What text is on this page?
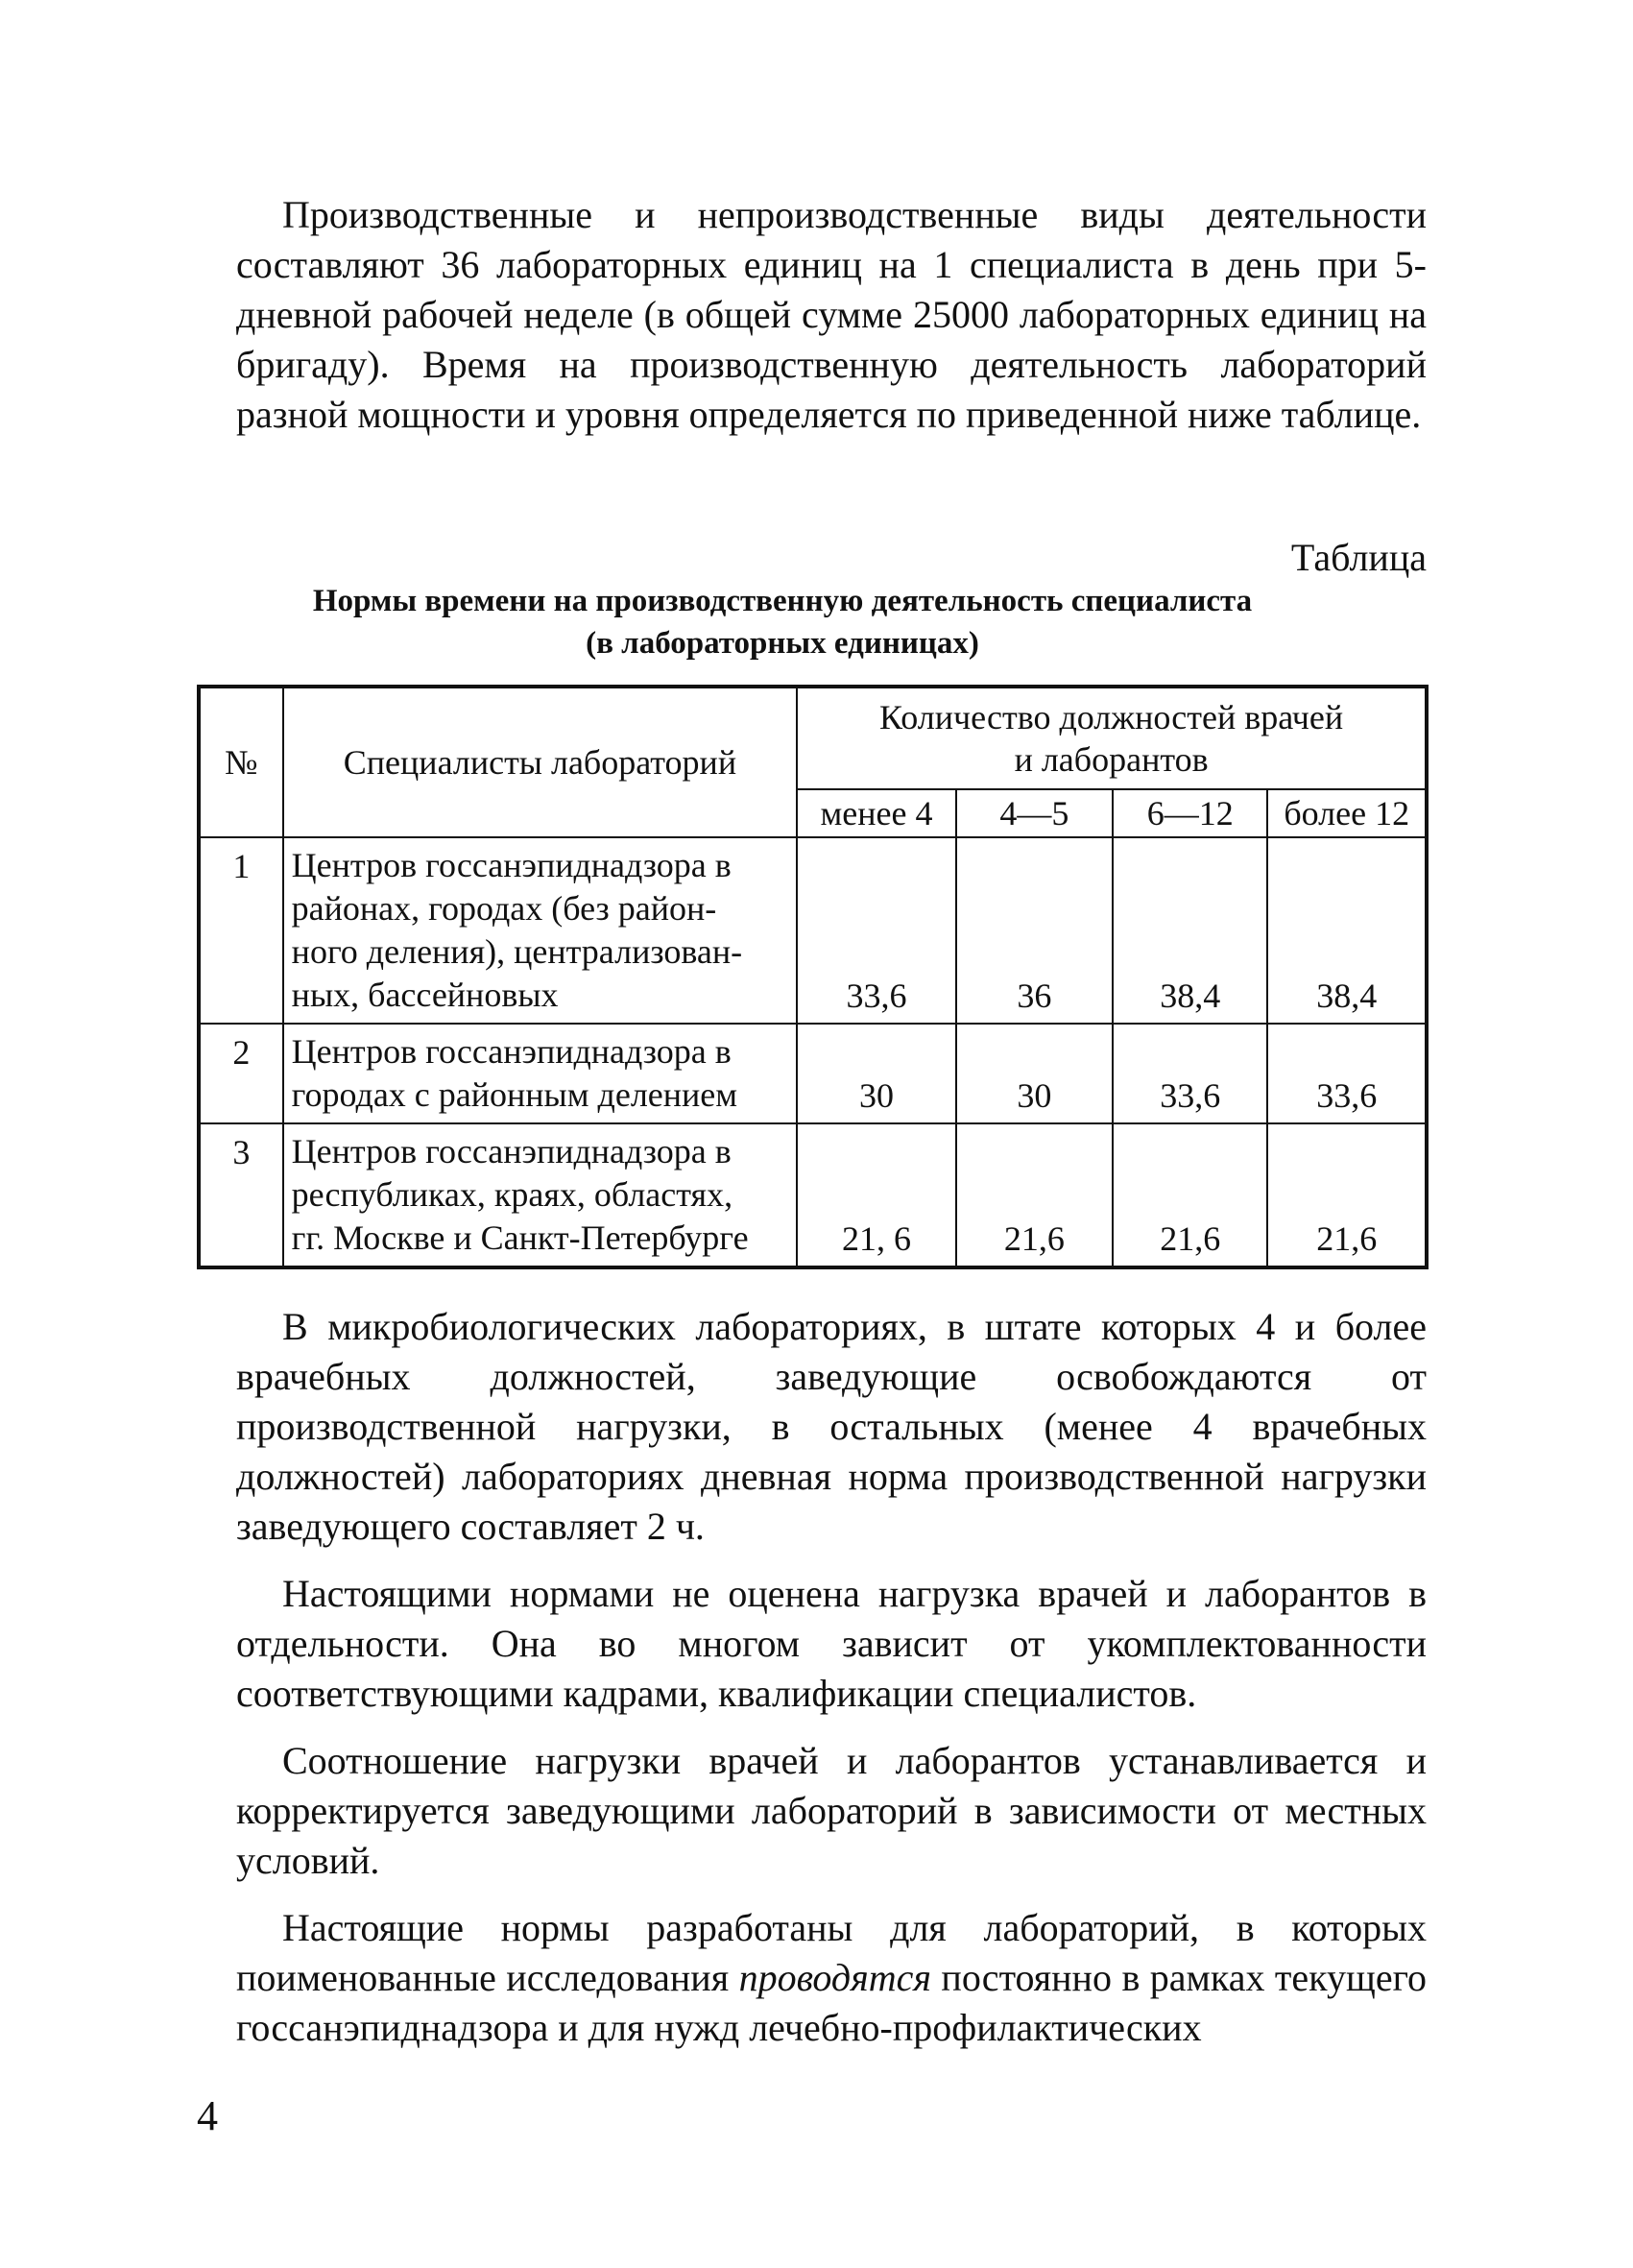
Производственные и непроизводственные виды деятельности составляют 36 лабораторных единиц на 1 специалиста в день при 5-дневной рабочей неделе (в общей сумме 25000 лабораторных единиц на бригаду). Время на производственную деятельность лабораторий разной мощности и уровня определяется по приведенной ниже таблице.

Таблица

Нормы времени на производственную деятельность специалиста
(в лабораторных единицах)
№	Специалисты лабораторий	Количество должностей врачей
и лаборантов			

		менее 4	4—5	6—12	более 12
1	Центров госсанэпиднадзора в
районах, городах (без район-
ного деления), централизован-
ных, бассейновых	33,6	36	38,4	38,4
2	Центров госсанэпиднадзора в
городах с районным делением	30	30	33,6	33,6
3	Центров госсанэпиднадзора в
республиках, краях, областях,
гг. Москве и Санкт-Петербурге	21, 6	21,6	21,6	21,6

В микробиологических лабораториях, в штате которых 4 и более врачебных должностей, заведующие освобождаются от производственной нагрузки, в остальных (менее 4 врачебных должностей) лабораториях дневная норма производственной нагрузки заведующего составляет 2 ч.

Настоящими нормами не оценена нагрузка врачей и лаборантов в отдельности. Она во многом зависит от укомплектованности соответствующими кадрами, квалификации специалистов.

Соотношение нагрузки врачей и лаборантов устанавливается и корректируется заведующими лабораторий в зависимости от местных условий.

Настоящие нормы разработаны для лабораторий, в которых поименованные исследования проводятся постоянно в рамках текущего госсанэпиднадзора и для нужд лечебно-профилактических

4
